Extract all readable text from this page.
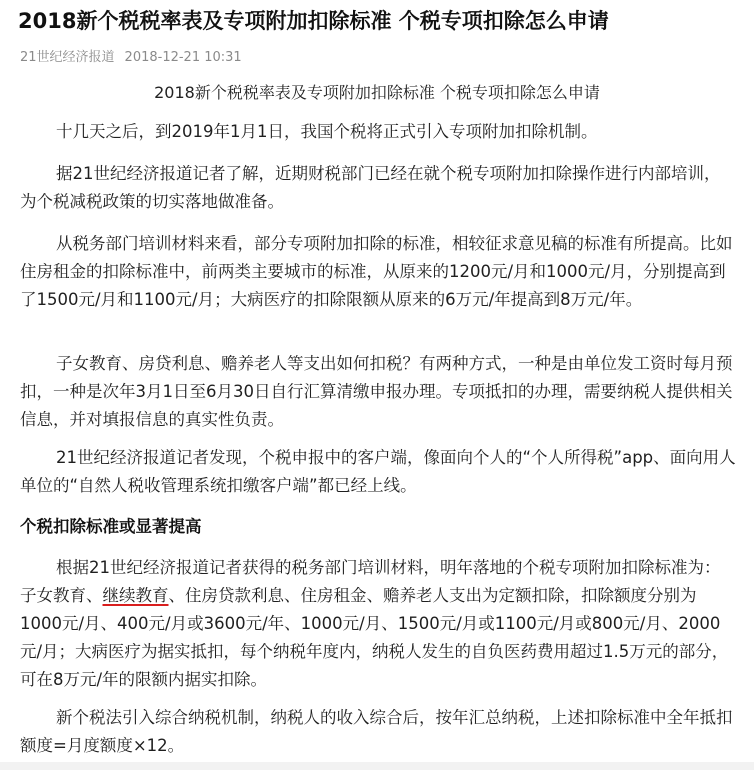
2018新个税税率表及专项附加扣除标准 个税专项扣除怎么申请
21世纪经济报道 2018-12-21 10:31
2018新个税税率表及专项附加扣除标准 个税专项扣除怎么申请
十几天之后，到2019年1月1日，我国个税将正式引入专项附加扣除机制。
据21世纪经济报道记者了解，近期财税部门已经在就个税专项附加扣除操作进行内部培训，为个税减税政策的切实落地做准备。
从税务部门培训材料来看，部分专项附加扣除的标准，相较征求意见稿的标准有所提高。比如住房租金的扣除标准中，前两类主要城市的标准，从原来的1200元/月和1000元/月，分别提高到了1500元/月和1100元/月；大病医疗的扣除限额从原来的6万元/年提高到8万元/年。
子女教育、房贷利息、赡养老人等支出如何扣税？有两种方式，一种是由单位发工资时每月预扣，一种是次年3月1日至6月30日自行汇算清缴申报办理。专项抵扣的办理，需要纳税人提供相关信息，并对填报信息的真实性负责。
21世纪经济报道记者发现，个税申报中的客户端，像面向个人的“个人所得税”app、面向用人单位的“自然人税收管理系统扣缴客户端”都已经上线。
个税扣除标准或显著提高
根据21世纪经济报道记者获得的税务部门培训材料，明年落地的个税专项附加扣除标准为：子女教育、继续教育、住房贷款利息、住房租金、赡养老人支出为定额扣除，扣除额度分别为1000元/月、400元/月或3600元/年、1000元/月、1500元/月或1100元/月或800元/月、2000元/月；大病医疗为据实抵扣，每个纳税年度内，纳税人发生的自负医药费用超过1.5万元的部分，可在8万元/年的限额内据实扣除。
新个税法引入综合纳税机制，纳税人的收入综合后，按年汇总纳税，上述扣除标准中全年抵扣额度=月度额度×12。
